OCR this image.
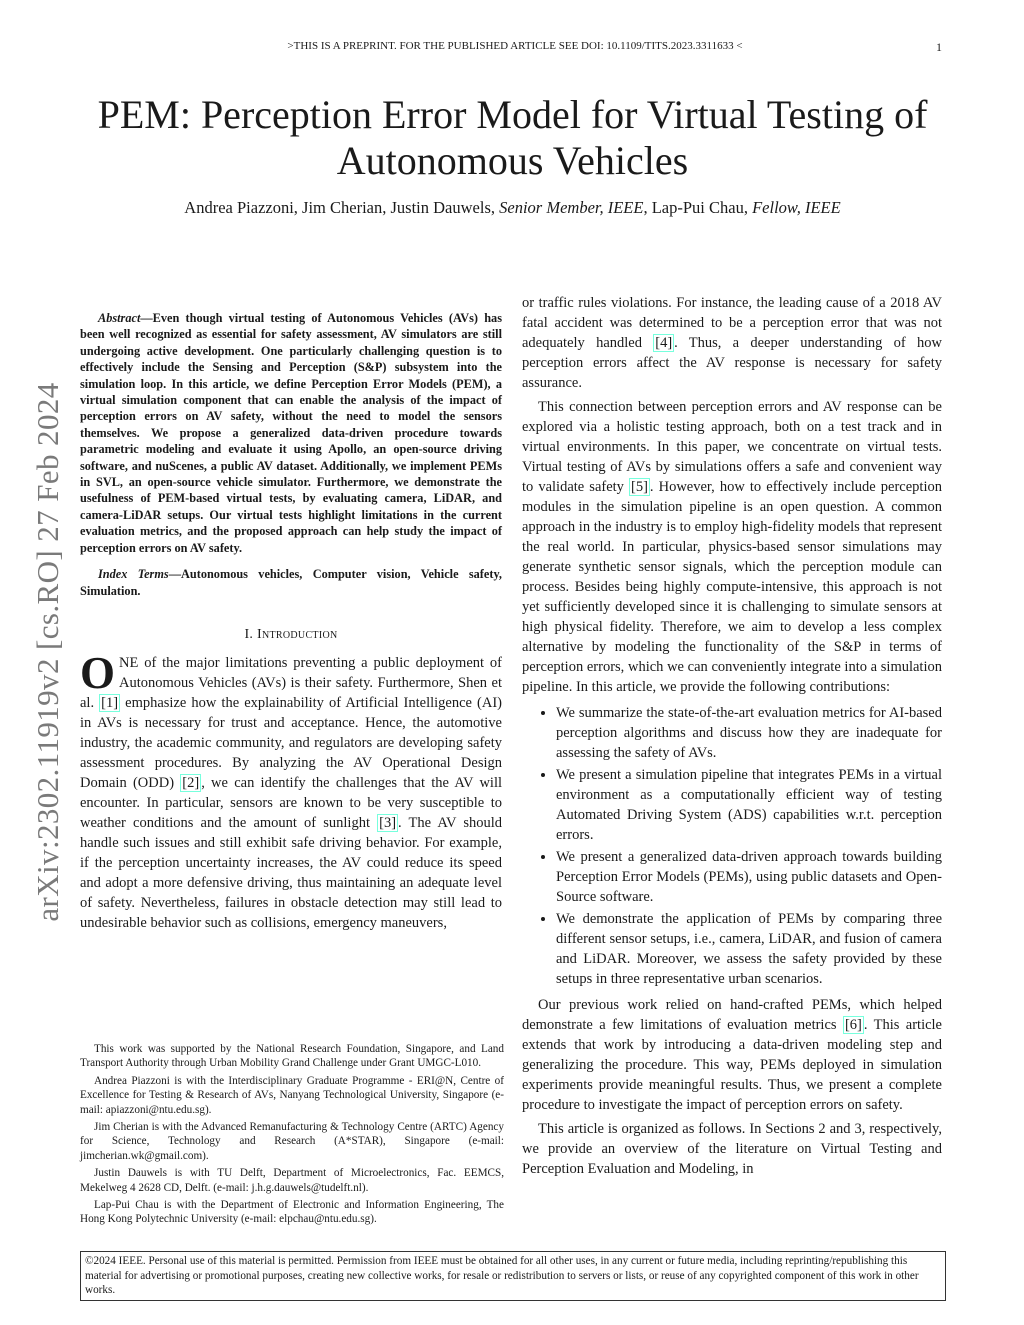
>THIS IS A PREPRINT. FOR THE PUBLISHED ARTICLE SEE DOI: 10.1109/TITS.2023.3311633 <	1
arXiv:2302.11919v2 [cs.RO] 27 Feb 2024
PEM: Perception Error Model for Virtual Testing of
Autonomous Vehicles
Andrea Piazzoni, Jim Cherian, Justin Dauwels, Senior Member, IEEE, Lap-Pui Chau, Fellow, IEEE

Abstract—Even though virtual testing of Autonomous Vehicles (AVs) has been well recognized as essential for safety assessment, AV simulators are still undergoing active development. One particularly challenging question is to effectively include the Sensing and Perception (S&P) subsystem into the simulation loop. In this article, we define Perception Error Models (PEM), a virtual simulation component that can enable the analysis of the impact of perception errors on AV safety, without the need to model the sensors themselves. We propose a generalized data-driven procedure towards parametric modeling and evaluate it using Apollo, an open-source driving software, and nuScenes, a public AV dataset. Additionally, we implement PEMs in SVL, an open-source vehicle simulator. Furthermore, we demonstrate the usefulness of PEM-based virtual tests, by evaluating camera, LiDAR, and camera-LiDAR setups. Our virtual tests highlight limitations in the current evaluation metrics, and the proposed approach can help study the impact of perception errors on AV safety.

Index Terms—Autonomous vehicles, Computer vision, Vehicle safety, Simulation.

I. Introduction

ONE of the major limitations preventing a public deployment of Autonomous Vehicles (AVs) is their safety. Furthermore, Shen et al. [1] emphasize how the explainability of Artificial Intelligence (AI) in AVs is necessary for trust and acceptance. Hence, the automotive industry, the academic community, and regulators are developing safety assessment procedures. By analyzing the AV Operational Design Domain (ODD) [2] , we can identify the challenges that the AV will encounter. In particular, sensors are known to be very susceptible to weather conditions and the amount of sunlight [3] . The AV should handle such issues and still exhibit safe driving behavior. For example, if the perception uncertainty increases, the AV could reduce its speed and adopt a more defensive driving, thus maintaining an adequate level of safety. Nevertheless, failures in obstacle detection may still lead to undesirable behavior such as collisions, emergency maneuvers,

This work was supported by the National Research Foundation, Singapore, and Land Transport Authority through Urban Mobility Grand Challenge under Grant UMGC-L010.

Andrea Piazzoni is with the Interdisciplinary Graduate Programme - ERI@N, Centre of Excellence for Testing & Research of AVs, Nanyang Technological University, Singapore (e-mail: apiazzoni@ntu.edu.sg).

Jim Cherian is with the Advanced Remanufacturing & Technology Centre (ARTC) Agency for Science, Technology and Research (A*STAR), Singapore (e-mail: jimcherian.wk@gmail.com).

Justin Dauwels is with TU Delft, Department of Microelectronics, Fac. EEMCS, Mekelweg 4 2628 CD, Delft. (e-mail: j.h.g.dauwels@tudelft.nl).

Lap-Pui Chau is with the Department of Electronic and Information Engineering, The Hong Kong Polytechnic University (e-mail: elpchau@ntu.edu.sg).

or traffic rules violations. For instance, the leading cause of a 2018 AV fatal accident was determined to be a perception error that was not adequately handled [4] . Thus, a deeper understanding of how perception errors affect the AV response is necessary for safety assurance.

This connection between perception errors and AV response can be explored via a holistic testing approach, both on a test track and in virtual environments. In this paper, we concentrate on virtual tests. Virtual testing of AVs by simulations offers a safe and convenient way to validate safety [5] . However, how to effectively include perception modules in the simulation pipeline is an open question. A common approach in the industry is to employ high-fidelity models that represent the real world. In particular, physics-based sensor simulations may generate synthetic sensor signals, which the perception module can process. Besides being highly compute-intensive, this approach is not yet sufficiently developed since it is challenging to simulate sensors at high physical fidelity. Therefore, we aim to develop a less complex alternative by modeling the functionality of the S&P in terms of perception errors, which we can conveniently integrate into a simulation pipeline. In this article, we provide the following contributions:

• We summarize the state-of-the-art evaluation metrics for AI-based perception algorithms and discuss how they are inadequate for assessing the safety of AVs.
• We present a simulation pipeline that integrates PEMs in a virtual environment as a computationally efficient way of testing Automated Driving System (ADS) capabilities w.r.t. perception errors.
• We present a generalized data-driven approach towards building Perception Error Models (PEMs), using public datasets and Open-Source software.
• We demonstrate the application of PEMs by comparing three different sensor setups, i.e., camera, LiDAR, and fusion of camera and LiDAR. Moreover, we assess the safety provided by these setups in three representative urban scenarios.

Our previous work relied on hand-crafted PEMs, which helped demonstrate a few limitations of evaluation metrics [6] . This article extends that work by introducing a data-driven modeling step and generalizing the procedure. This way, PEMs deployed in simulation experiments provide meaningful results. Thus, we present a complete procedure to investigate the impact of perception errors on safety.

This article is organized as follows. In Sections 2 and 3, respectively, we provide an overview of the literature on Virtual Testing and Perception Evaluation and Modeling, in

©2024 IEEE. Personal use of this material is permitted. Permission from IEEE must be obtained for all other uses, in any current or future media, including reprinting/republishing this material for advertising or promotional purposes, creating new collective works, for resale or redistribution to servers or lists, or reuse of any copyrighted component of this work in other works.
